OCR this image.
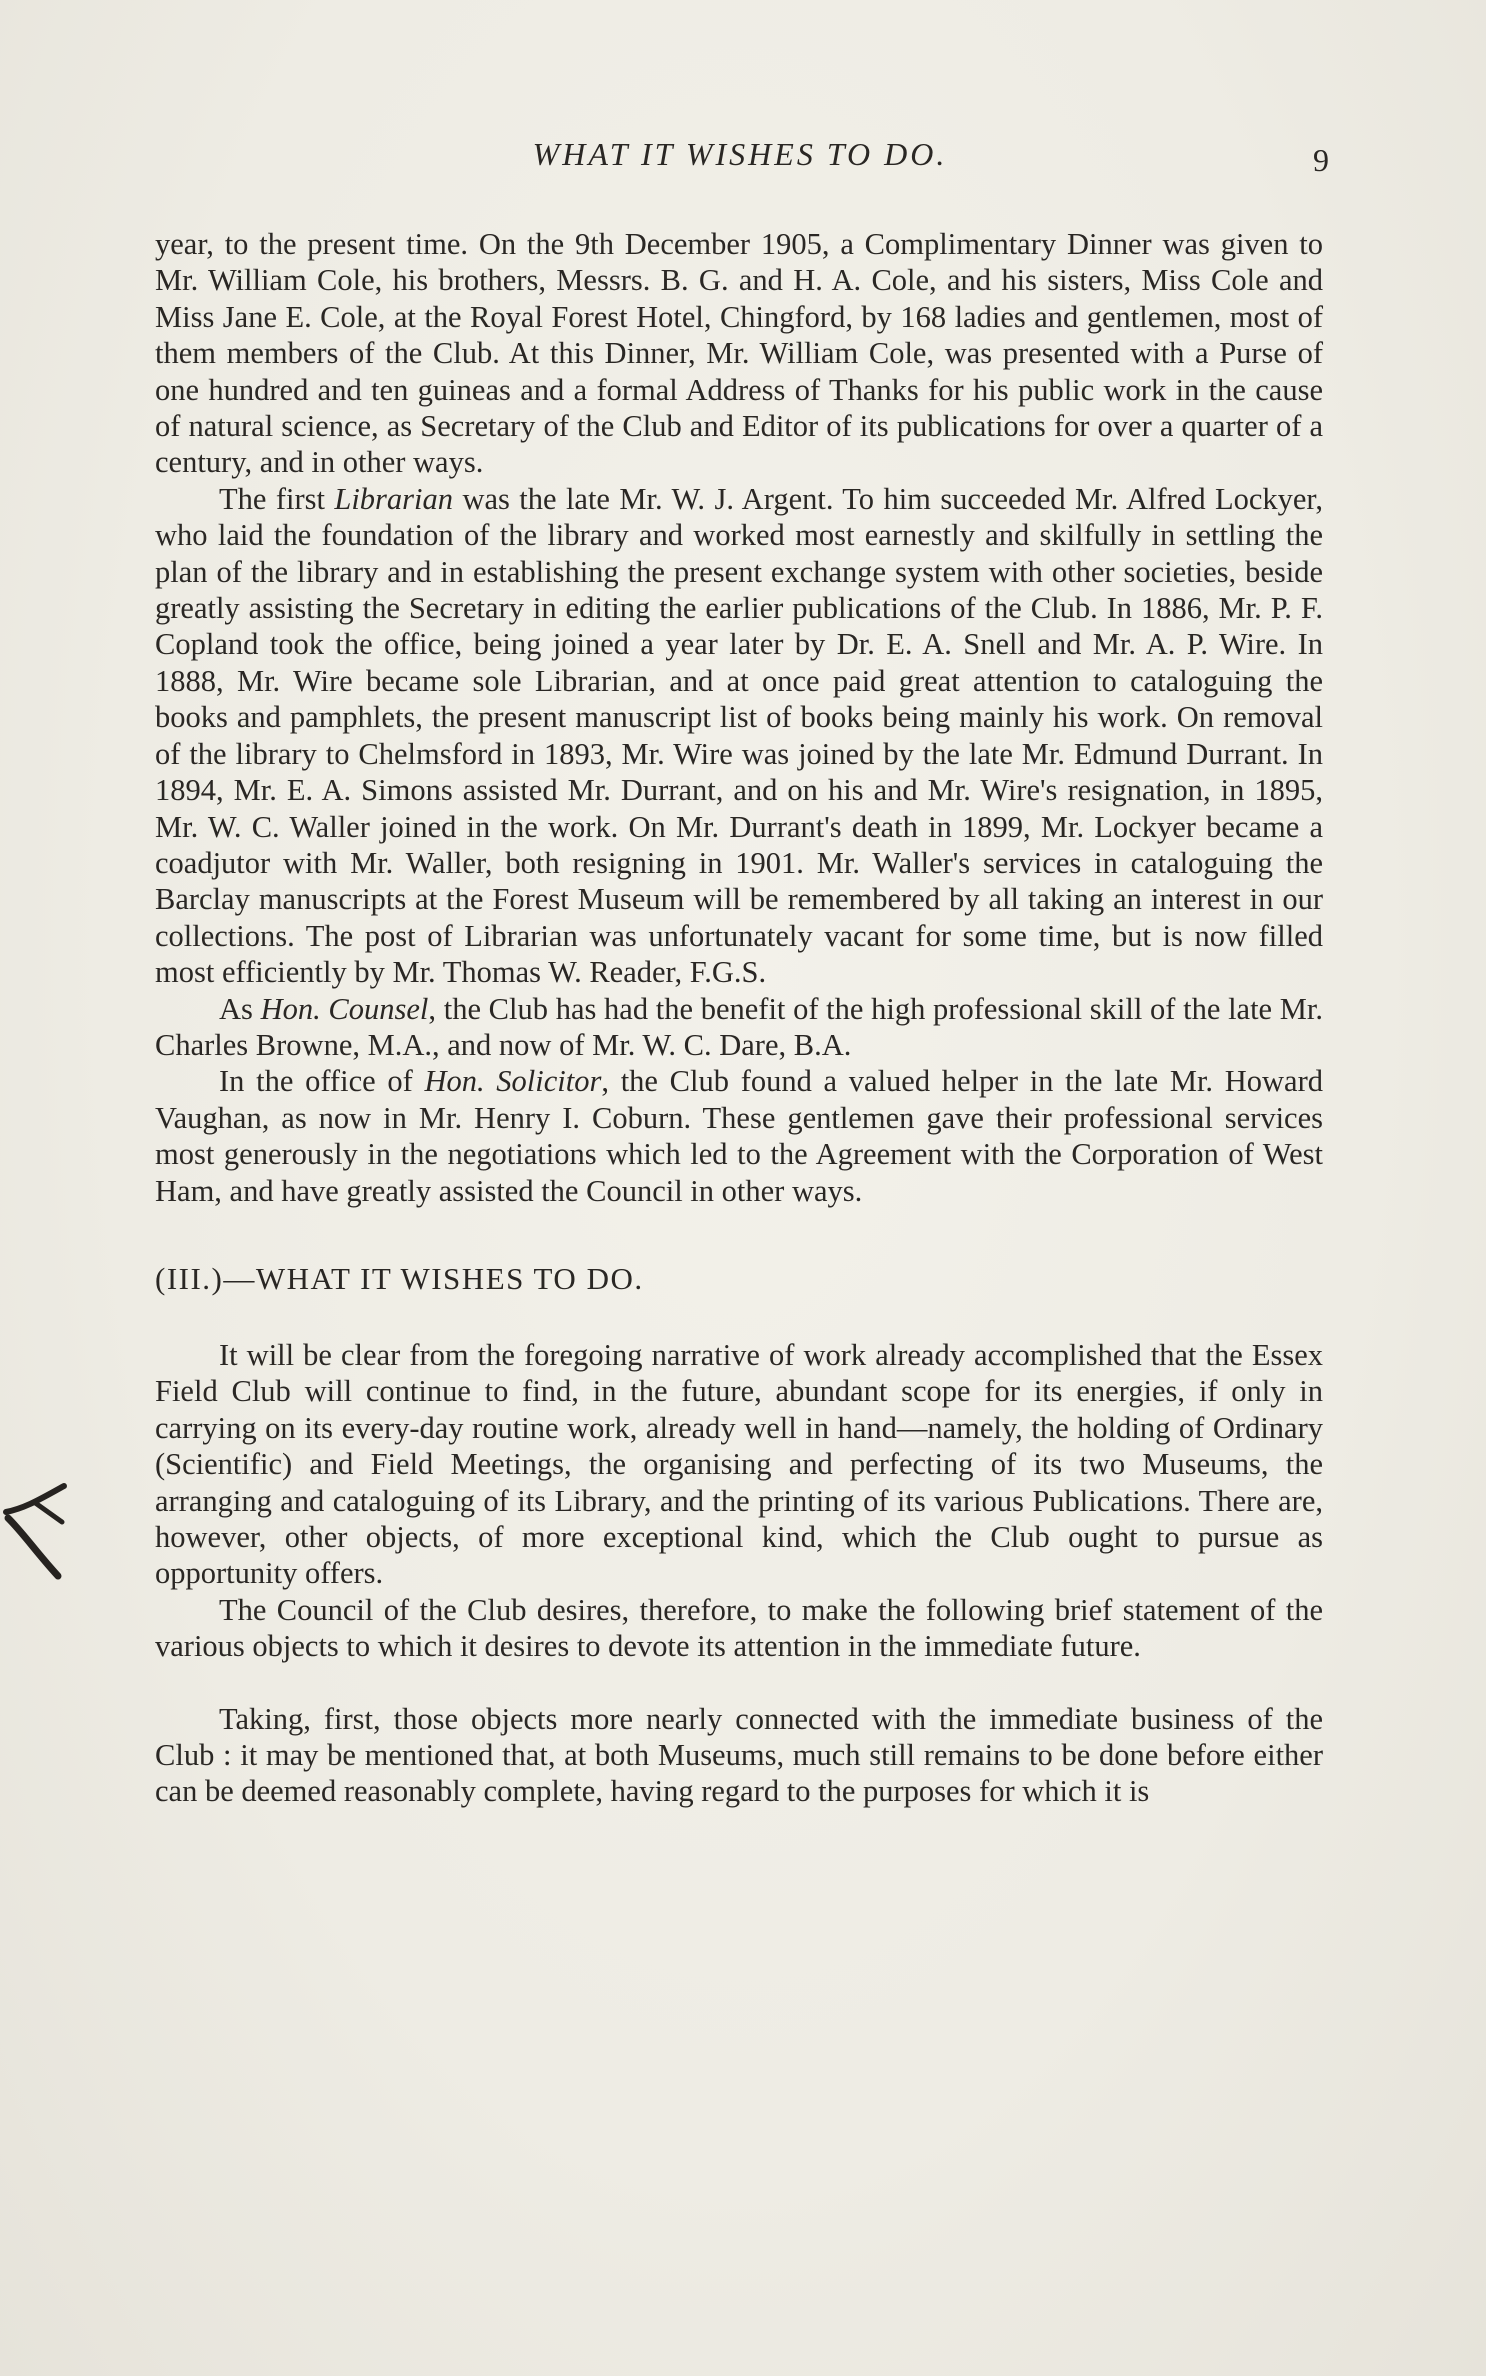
WHAT IT WISHES TO DO.	9

year, to the present time. On the 9th December 1905, a Complimentary Dinner was given to Mr. William Cole, his brothers, Messrs. B. G. and H. A. Cole, and his sisters, Miss Cole and Miss Jane E. Cole, at the Royal Forest Hotel, Chingford, by 168 ladies and gentlemen, most of them members of the Club. At this Dinner, Mr. William Cole, was presented with a Purse of one hundred and ten guineas and a formal Address of Thanks for his public work in the cause of natural science, as Secretary of the Club and Editor of its publications for over a quarter of a century, and in other ways.

The first Librarian was the late Mr. W. J. Argent. To him succeeded Mr. Alfred Lockyer, who laid the foundation of the library and worked most earnestly and skilfully in settling the plan of the library and in establishing the present exchange system with other societies, beside greatly assisting the Secretary in editing the earlier publications of the Club. In 1886, Mr. P. F. Copland took the office, being joined a year later by Dr. E. A. Snell and Mr. A. P. Wire. In 1888, Mr. Wire became sole Librarian, and at once paid great attention to cataloguing the books and pamphlets, the present manuscript list of books being mainly his work. On removal of the library to Chelmsford in 1893, Mr. Wire was joined by the late Mr. Edmund Durrant. In 1894, Mr. E. A. Simons assisted Mr. Durrant, and on his and Mr. Wire's resignation, in 1895, Mr. W. C. Waller joined in the work. On Mr. Durrant's death in 1899, Mr. Lockyer became a coadjutor with Mr. Waller, both resigning in 1901. Mr. Waller's services in cataloguing the Barclay manuscripts at the Forest Museum will be remembered by all taking an interest in our collections. The post of Librarian was unfortunately vacant for some time, but is now filled most efficiently by Mr. Thomas W. Reader, F.G.S.

As Hon. Counsel, the Club has had the benefit of the high professional skill of the late Mr. Charles Browne, M.A., and now of Mr. W. C. Dare, B.A.

In the office of Hon. Solicitor, the Club found a valued helper in the late Mr. Howard Vaughan, as now in Mr. Henry I. Coburn. These gentlemen gave their professional services most generously in the negotiations which led to the Agreement with the Corporation of West Ham, and have greatly assisted the Council in other ways.

(III.)—WHAT IT WISHES TO DO.

It will be clear from the foregoing narrative of work already accomplished that the Essex Field Club will continue to find, in the future, abundant scope for its energies, if only in carrying on its every-day routine work, already well in hand—namely, the holding of Ordinary (Scientific) and Field Meetings, the organising and perfecting of its two Museums, the arranging and cataloguing of its Library, and the printing of its various Publications. There are, however, other objects, of more exceptional kind, which the Club ought to pursue as opportunity offers.

The Council of the Club desires, therefore, to make the following brief statement of the various objects to which it desires to devote its attention in the immediate future.

Taking, first, those objects more nearly connected with the immediate business of the Club : it may be mentioned that, at both Museums, much still remains to be done before either can be deemed reasonably complete, having regard to the purposes for which it is
